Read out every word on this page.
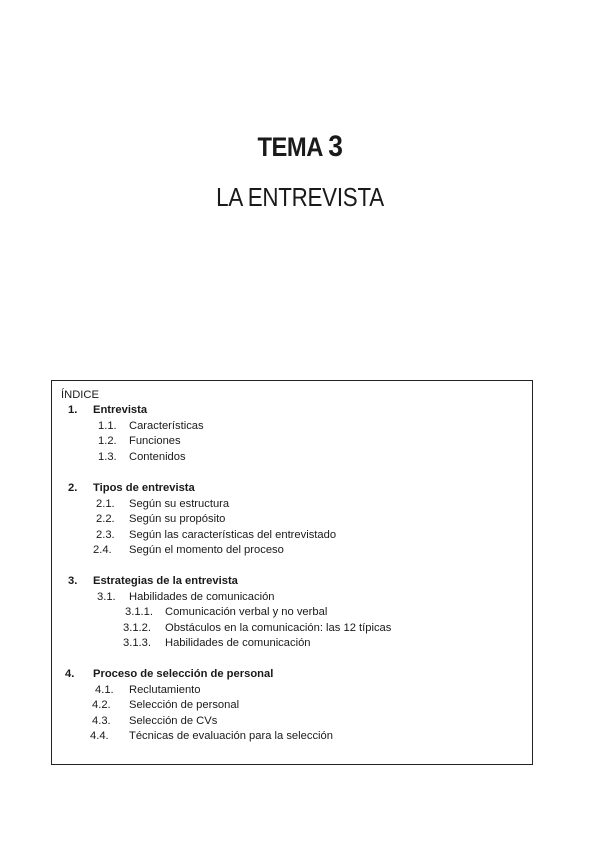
TEMA 3
LA ENTREVISTA
ÍNDICE
1. Entrevista
1.1. Características
1.2. Funciones
1.3. Contenidos
2. Tipos de entrevista
2.1. Según su estructura
2.2. Según su propósito
2.3. Según las características del entrevistado
2.4. Según el momento del proceso
3. Estrategias de la entrevista
3.1. Habilidades de comunicación
3.1.1. Comunicación verbal y no verbal
3.1.2. Obstáculos en la comunicación: las 12 típicas
3.1.3. Habilidades de comunicación
4. Proceso de selección de personal
4.1. Reclutamiento
4.2. Selección de personal
4.3. Selección de CVs
4.4. Técnicas de evaluación para la selección
